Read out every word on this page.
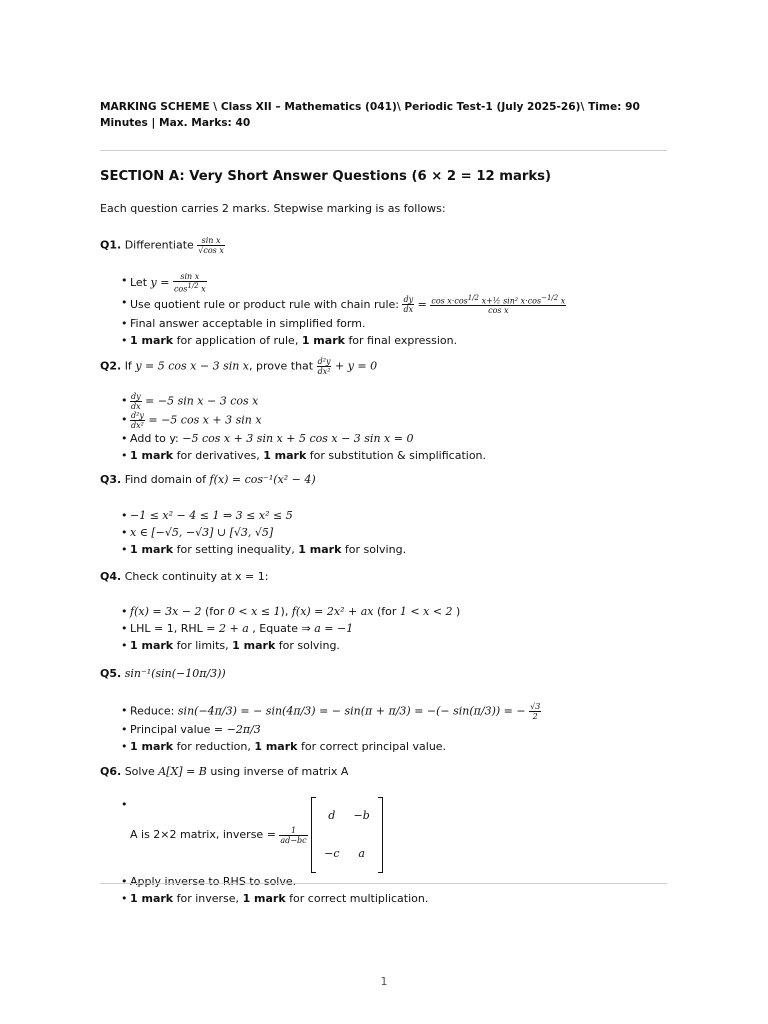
MARKING SCHEME \ Class XII – Mathematics (041)\ Periodic Test-1 (July 2025-26)\ Time: 90 Minutes | Max. Marks: 40

SECTION A: Very Short Answer Questions (6 × 2 = 12 marks)

Each question carries 2 marks. Stepwise marking is as follows:

Q1. Differentiate $\frac{\text{sin x}}{\text{√cos x}}$

• Let $y = \frac{\text{sin x}}{\cos^{1/2} x}$
• Use quotient rule or product rule with chain rule: $\frac{dy}{dx} = \frac{\cos x\cdot\cos^{1/2} x+\frac{1}{2} \sin^2 x\cdot\cos^{-1/2} x}{\text{cos x}}$
• Final answer acceptable in simplified form.
• 1 mark for application of rule, 1 mark for final expression.

Q2. If y = 5 cos x − 3 sin x, prove that $\frac{\text{d²y}}{\text{dx²}} + y = 0$

• $\frac{dy}{dx} = -5$ sin x − 3 cos x
• $\frac{\text{d²y}}{\text{dx²}} = -5$ cos x + 3 sin x
• Add to y: −5 cos x + 3 sin x + 5 cos x − 3 sin x = 0
• 1 mark for derivatives, 1 mark for substitution & simplification.

Q3. Find domain of f(x) = cos⁻¹(x² − 4)

• −1 ≤ x² − 4 ≤ 1 ⇒ 3 ≤ x² ≤ 5
• x ∈ [−√5, −√3] ∪ [√3, √5]
• 1 mark for setting inequality, 1 mark for solving.

Q4. Check continuity at x = 1:

• f(x) = 3x − 2 (for 0 < x ≤ 1), f(x) = 2x² + ax (for 1 < x < 2 )
• LHL = 1, RHL = 2 + a , Equate ⇒ a = −1
• 1 mark for limits, 1 mark for solving.

Q5. sin⁻¹(sin(−10π/3))

• Reduce: sin(−4π/3) = − sin(4π/3) = − sin(π + π/3) = −(− sin(π/3)) = − $\frac{√3}{2}$
• Principal value = −2π/3
• 1 mark for reduction, 1 mark for correct principal value.

Q6. Solve A[X] = B using inverse of matrix A

•
A is 2×2 matrix, inverse = $\frac{1}{ad-bc}$

d	−b
−c	a
• Apply inverse to RHS to solve.
• 1 mark for inverse, 1 mark for correct multiplication.
1
